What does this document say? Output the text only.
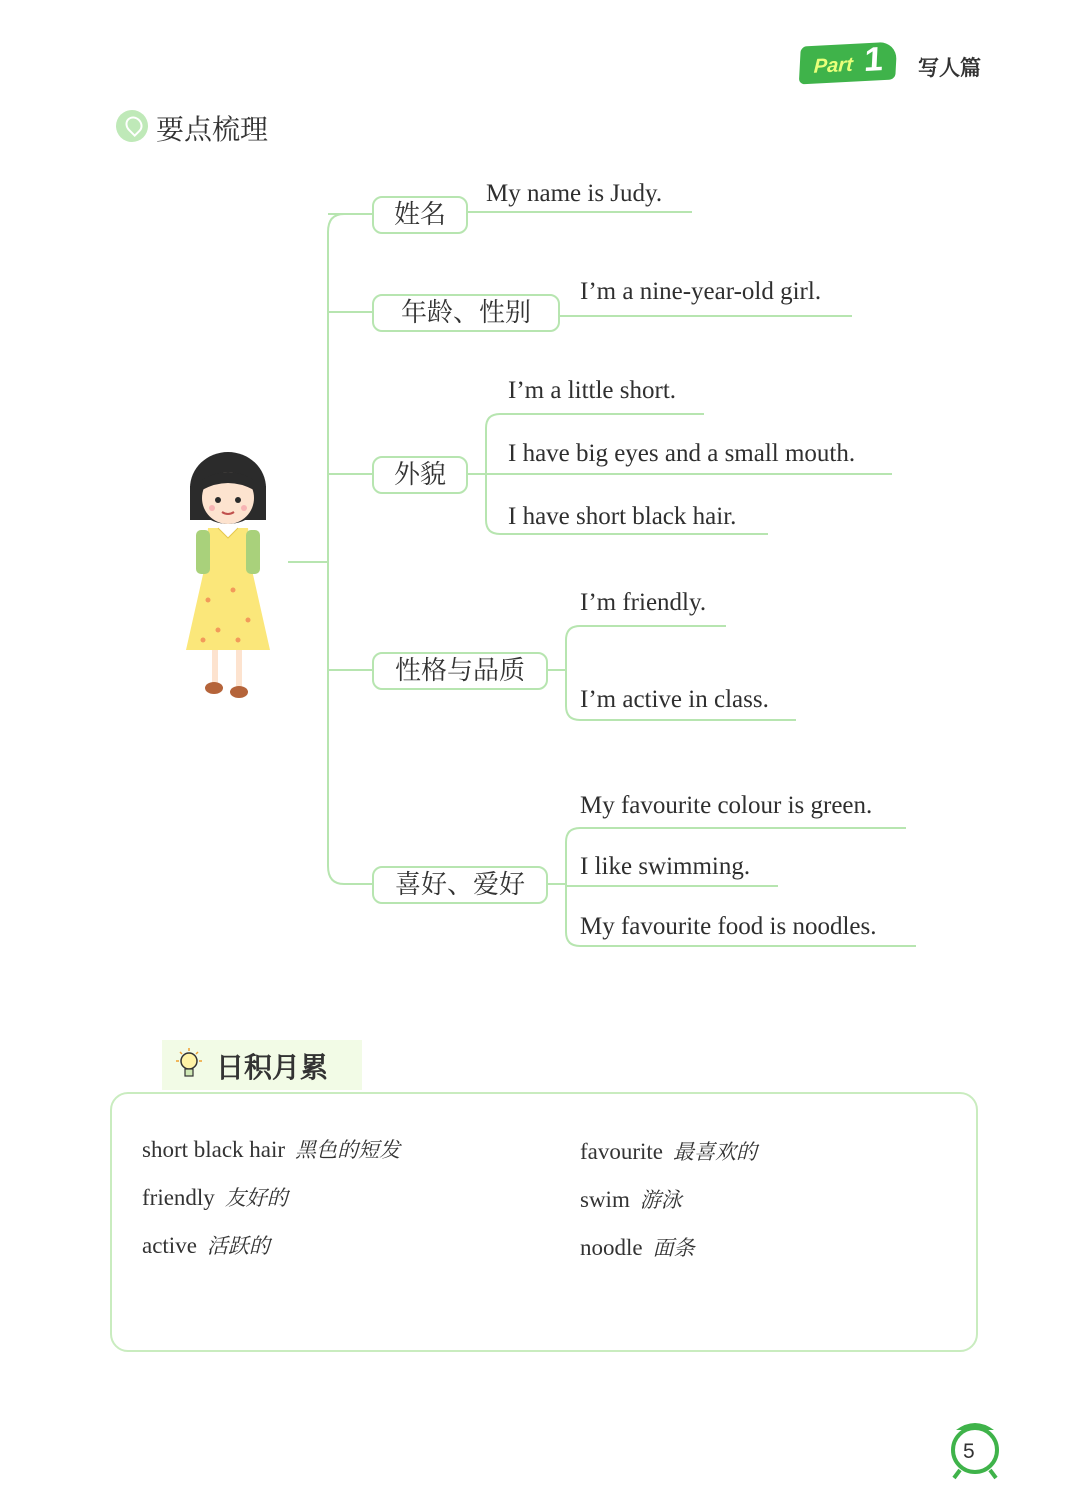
Part 1 写人篇
要点梳理
姓名
年龄、性别
外貌
性格与品质
喜好、爱好
My name is Judy.
I’m a nine-year-old girl.
I’m a little short.
I have big eyes and a small mouth.
I have short black hair.
I’m friendly.
I’m active in class.
My favourite colour is green.
I like swimming.
My favourite food is noodles.
日积月累
short black hair 黑色的短发
friendly 友好的
active 活跃的
favourite 最喜欢的
swim 游泳
noodle 面条
5
